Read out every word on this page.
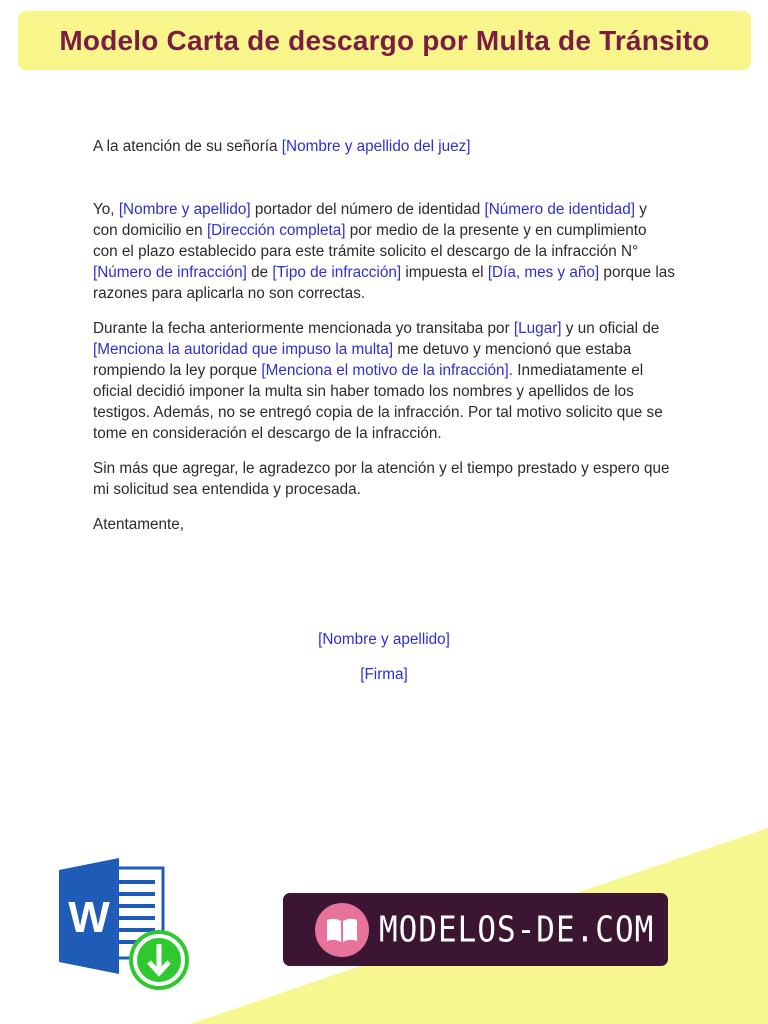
Modelo Carta de descargo por Multa de Tránsito

A la atención de su señoría [Nombre y apellido del juez]

Yo, [Nombre y apellido] portador del número de identidad [Número de identidad] y con domicilio en [Dirección completa] por medio de la presente y en cumplimiento con el plazo establecido para este trámite solicito el descargo de la infracción N° [Número de infracción] de [Tipo de infracción] impuesta el [Día, mes y año] porque las razones para aplicarla no son correctas.

Durante la fecha anteriormente mencionada yo transitaba por [Lugar] y un oficial de [Menciona la autoridad que impuso la multa] me detuvo y mencionó que estaba rompiendo la ley porque [Menciona el motivo de la infracción]. Inmediatamente el oficial decidió imponer la multa sin haber tomado los nombres y apellidos de los testigos. Además, no se entregó copia de la infracción. Por tal motivo solicito que se tome en consideración el descargo de la infracción.

Sin más que agregar, le agradezco por la atención y el tiempo prestado y espero que mi solicitud sea entendida y procesada.

Atentamente,

[Nombre y apellido]
[Firma]
W	MODELOS-DE.COM
